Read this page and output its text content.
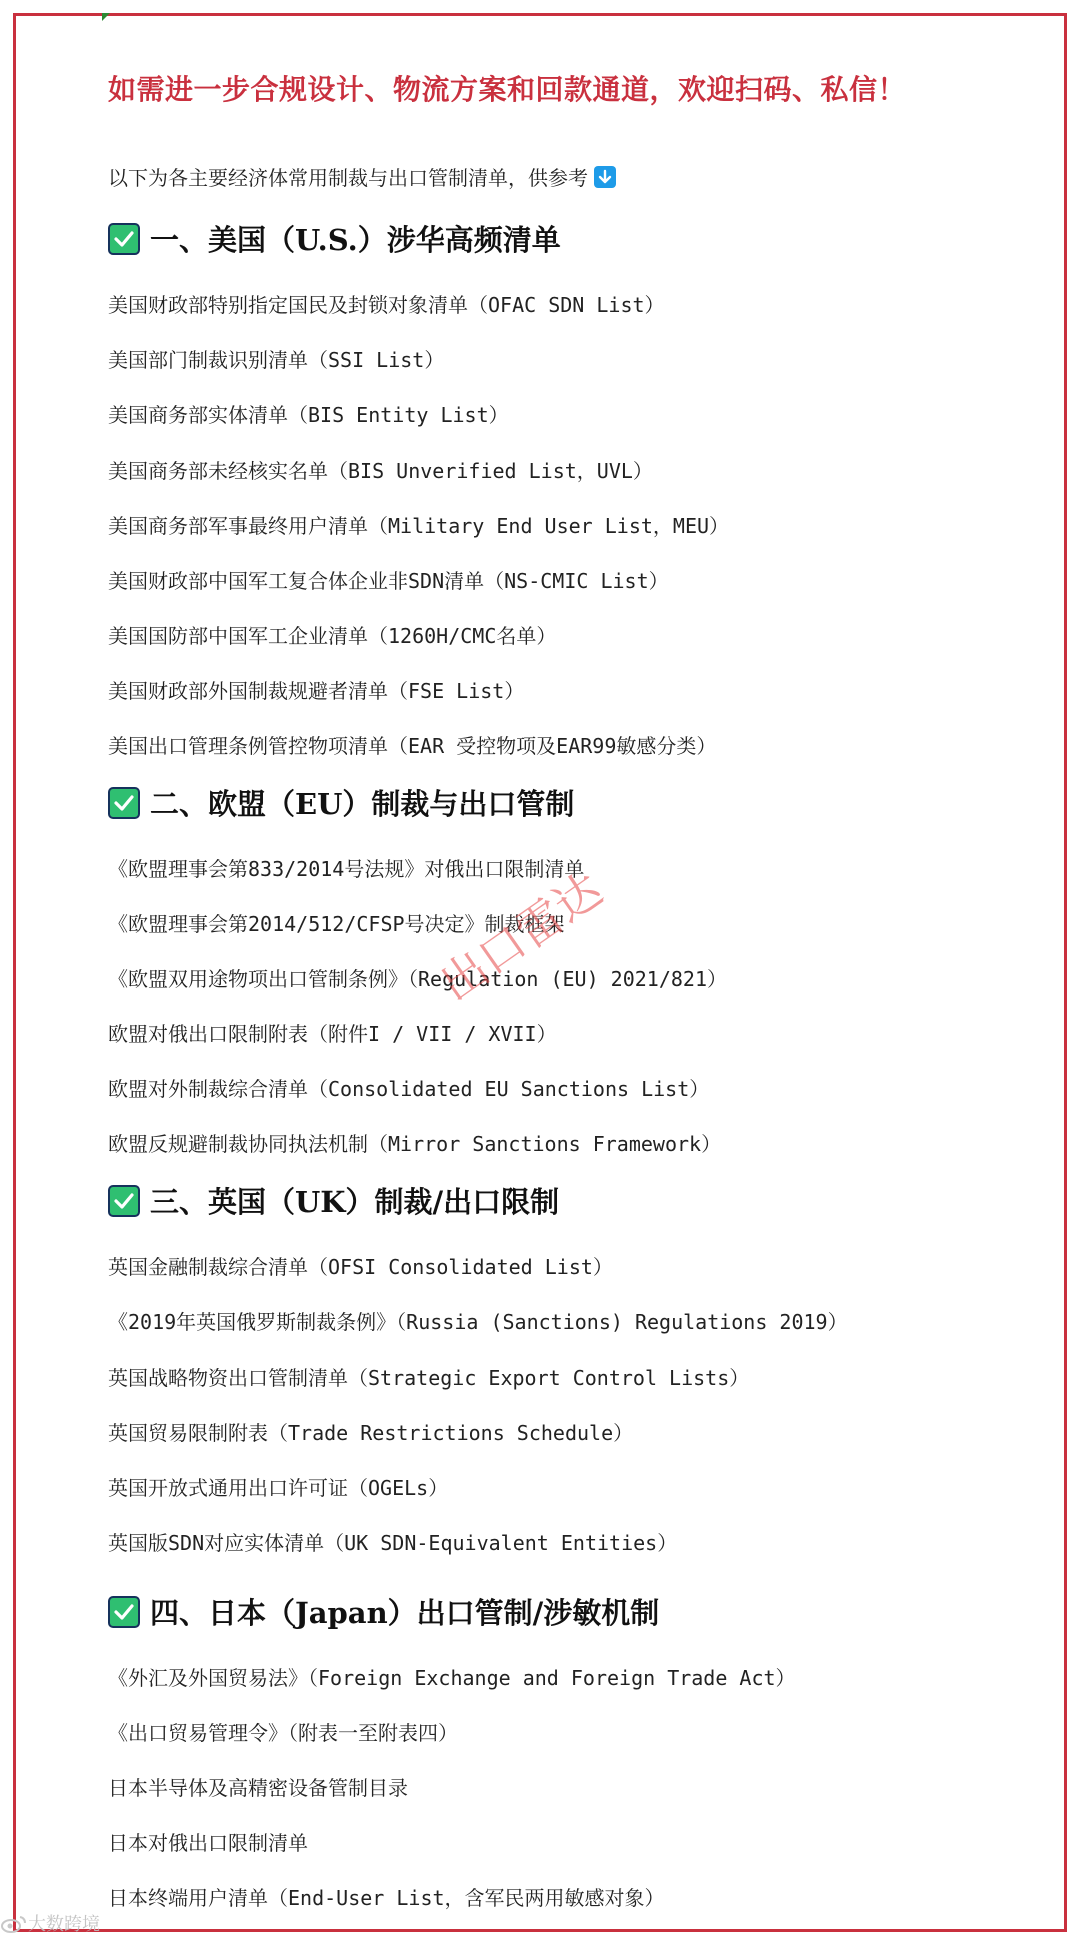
如需进一步合规设计、物流方案和回款通道，欢迎扫码、私信！
以下为各主要经济体常用制裁与出口管制清单，供参考
一、美国（U.S.）涉华高频清单
美国财政部特别指定国民及封锁对象清单（OFAC SDN List）
美国部门制裁识别清单（SSI List）
美国商务部实体清单（BIS Entity List）
美国商务部未经核实名单（BIS Unverified List，UVL）
美国商务部军事最终用户清单（Military End User List，MEU）
美国财政部中国军工复合体企业非SDN清单（NS-CMIC List）
美国国防部中国军工企业清单（1260H/CMC名单）
美国财政部外国制裁规避者清单（FSE List）
美国出口管理条例管控物项清单（EAR 受控物项及EAR99敏感分类）
二、欧盟（EU）制裁与出口管制
《欧盟理事会第833/2014号法规》对俄出口限制清单
《欧盟理事会第2014/512/CFSP号决定》制裁框架
《欧盟双用途物项出口管制条例》（Regulation (EU) 2021/821）
欧盟对俄出口限制附表（附件I / VII / XVII）
欧盟对外制裁综合清单（Consolidated EU Sanctions List）
欧盟反规避制裁协同执法机制（Mirror Sanctions Framework）
三、英国（UK）制裁/出口限制
英国金融制裁综合清单（OFSI Consolidated List）
《2019年英国俄罗斯制裁条例》（Russia (Sanctions) Regulations 2019）
英国战略物资出口管制清单（Strategic Export Control Lists）
英国贸易限制附表（Trade Restrictions Schedule）
英国开放式通用出口许可证（OGELs）
英国版SDN对应实体清单（UK SDN-Equivalent Entities）
四、日本（Japan）出口管制/涉敏机制
《外汇及外国贸易法》（Foreign Exchange and Foreign Trade Act）
《出口贸易管理令》（附表一至附表四）
日本半导体及高精密设备管制目录
日本对俄出口限制清单
日本终端用户清单（End-User List，含军民两用敏感对象）
出口雷达
大数跨境
